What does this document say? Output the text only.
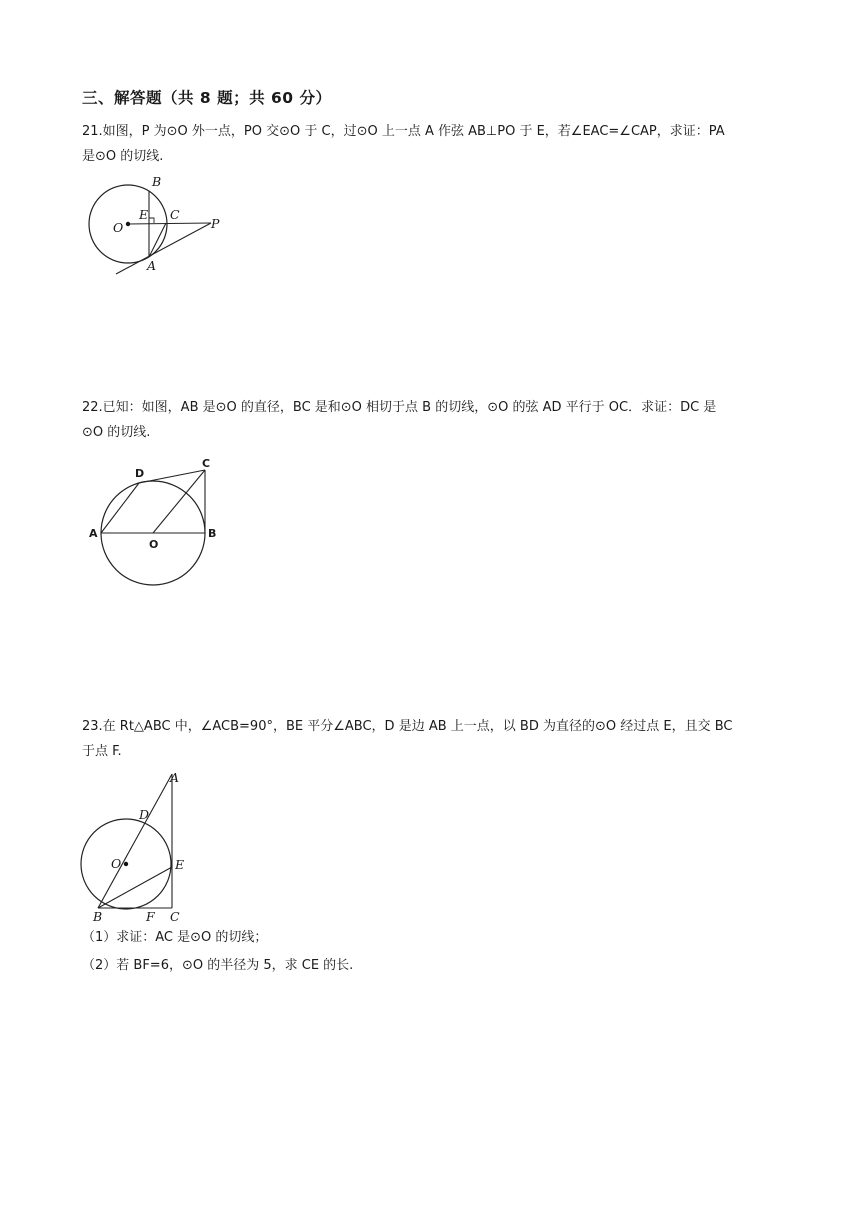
三、解答题（共 8 题；共 60 分）
21.如图，P 为⊙O 外一点，PO 交⊙O 于 C，过⊙O 上一点 A 作弦 AB⊥PO 于 E，若∠EAC=∠CAP，求证：PA
是⊙O 的切线.
B
E C
O	P
A
22.已知：如图，AB 是⊙O 的直径，BC 是和⊙O 相切于点 B 的切线，⊙O 的弦 AD 平行于 OC．求证：DC 是
⊙O 的切线.
D
C
A
O
B
23.在 Rt△ABC 中，∠ACB=90°，BE 平分∠ABC，D 是边 AB 上一点，以 BD 为直径的⊙O 经过点 E，且交 BC
于点 F.
A
D
O	E
B	F C
（1）求证：AC 是⊙O 的切线；
（2）若 BF=6，⊙O 的半径为 5，求 CE 的长.
